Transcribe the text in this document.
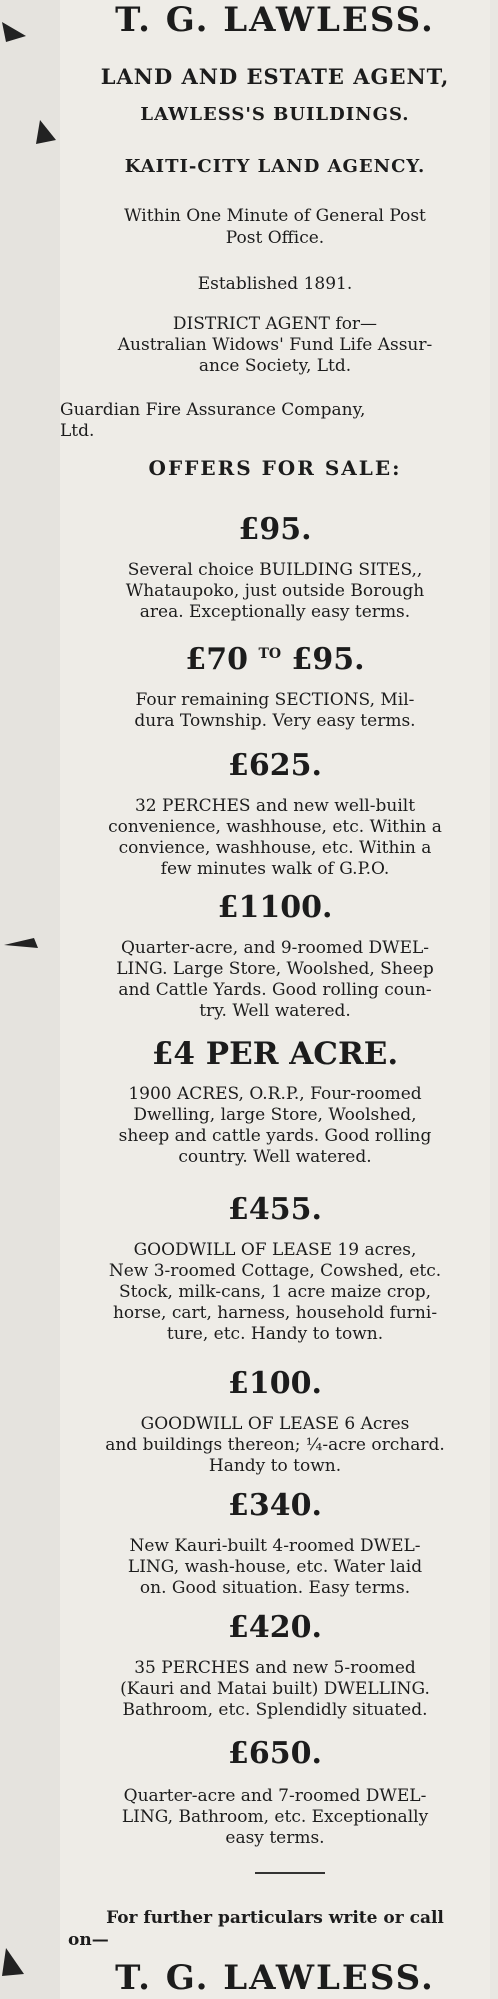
T. G. LAWLESS.
LAND AND ESTATE AGENT,
LAWLESS'S BUILDINGS.
KAITI-CITY LAND AGENCY.
Within One Minute of General Post
Post Office.
Established 1891.
DISTRICT AGENT for—
Australian Widows' Fund Life Assur-
ance Society, Ltd.
Guardian Fire Assurance Company,
Ltd.
OFFERS FOR SALE:
£95.
Several choice BUILDING SITES,,
Whataupoko, just outside Borough
area. Exceptionally easy terms.
£70 $^{TO}$ £95.
Four remaining SECTIONS, Mil-
dura Township. Very easy terms.
£625.
32 PERCHES and new well-built
convenience, washhouse, etc. Within a
convience, washhouse, etc. Within a
few minutes walk of G.P.O.
£1100.
Quarter-acre, and 9-roomed DWEL-
LING. Large Store, Woolshed, Sheep
and Cattle Yards. Good rolling coun-
try. Well watered.
£4 PER ACRE.
1900 ACRES, O.R.P., Four-roomed
Dwelling, large Store, Woolshed,
sheep and cattle yards. Good rolling
country. Well watered.
£455.
GOODWILL OF LEASE 19 acres,
New 3-roomed Cottage, Cowshed, etc.
Stock, milk-cans, 1 acre maize crop,
horse, cart, harness, household furni-
ture, etc. Handy to town.
£100.
GOODWILL OF LEASE 6 Acres
and buildings thereon; ¼-acre orchard.
Handy to town.
£340.
New Kauri-built 4-roomed DWEL-
LING, wash-house, etc. Water laid
on. Good situation. Easy terms.
£420.
35 PERCHES and new 5-roomed
(Kauri and Matai built) DWELLING.
Bathroom, etc. Splendidly situated.
£650.
Quarter-acre and 7-roomed DWEL-
LING, Bathroom, etc. Exceptionally
easy terms.
For further particulars write or call
on—
T. G. LAWLESS.
